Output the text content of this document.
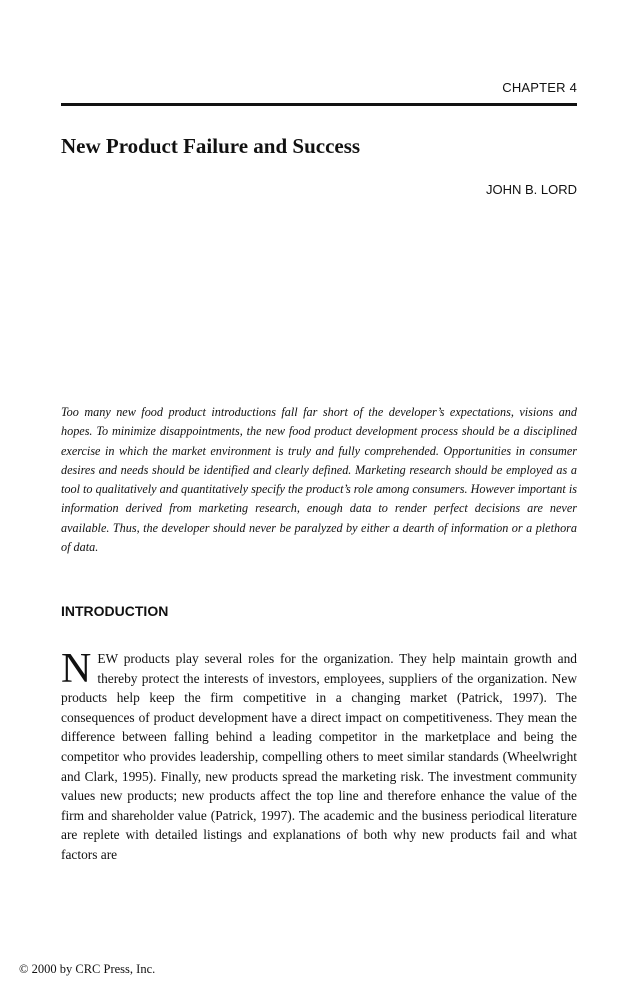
CHAPTER 4
New Product Failure and Success
JOHN B. LORD

Too many new food product introductions fall far short of the developer’s expectations, visions and hopes. To minimize disappointments, the new food product development process should be a disciplined exercise in which the market environment is truly and fully comprehended. Opportunities in consumer desires and needs should be identified and clearly defined. Marketing research should be employed as a tool to qualitatively and quantitatively specify the product’s role among consumers. However important is information derived from marketing research, enough data to render perfect decisions are never available. Thus, the developer should never be paralyzed by either a dearth of information or a plethora of data.

INTRODUCTION

NEW products play several roles for the organization. They help maintain growth and thereby protect the interests of investors, employees, suppliers of the organization. New products help keep the firm competitive in a changing market (Patrick, 1997). The consequences of product development have a direct impact on competitiveness. They mean the difference between falling behind a leading competitor in the marketplace and being the competitor who provides leadership, compelling others to meet similar standards (Wheelwright and Clark, 1995). Finally, new products spread the marketing risk. The investment community values new products; new products affect the top line and therefore enhance the value of the firm and shareholder value (Patrick, 1997). The academic and the business periodical literature are replete with detailed listings and explanations of both why new products fail and what factors are

© 2000 by CRC Press, Inc.
